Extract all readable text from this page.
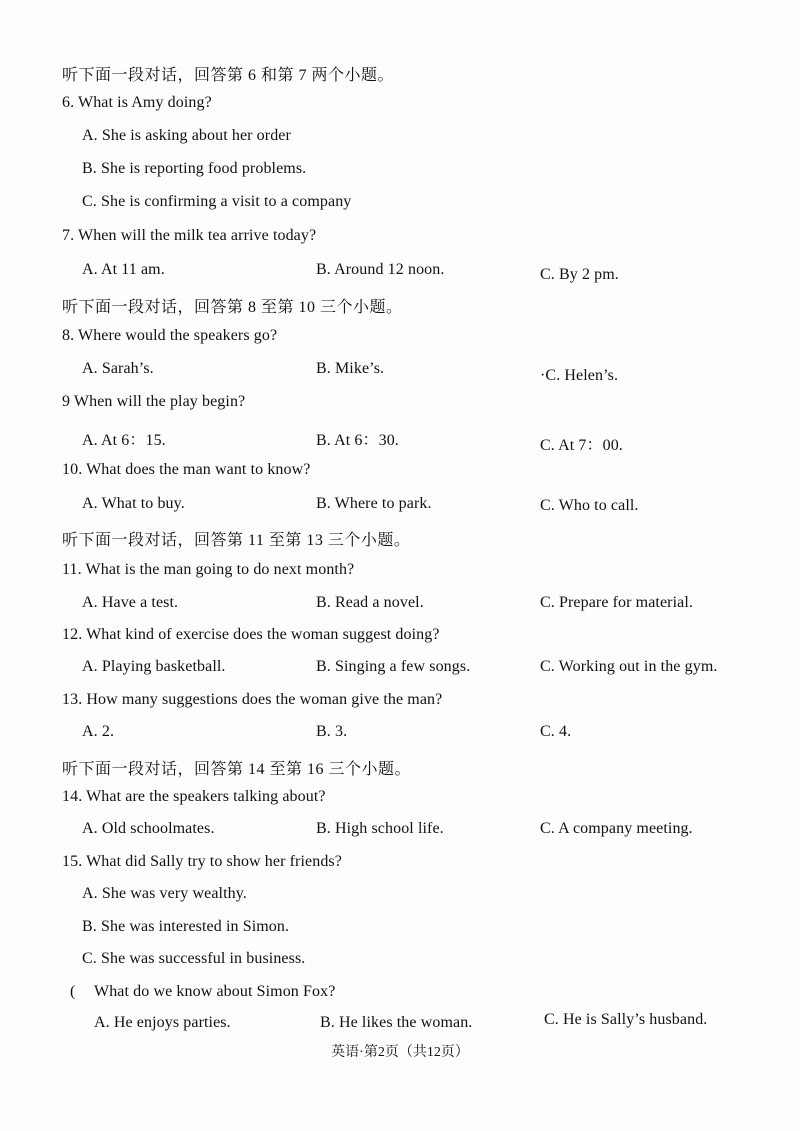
听下面一段对话，回答第 6 和第 7 两个小题。
6. What is Amy doing?
A. She is asking about her order
B. She is reporting food problems.
C. She is confirming a visit to a company
7. When will the milk tea arrive today?
A. At 11 am.	B. Around 12 noon.	C. By 2 pm.
听下面一段对话，回答第 8 至第 10 三个小题。
8. Where would the speakers go?
A. Sarah’s.	B. Mike’s.	·C. Helen’s.
9 When will the play begin?
A. At 6：15.	B. At 6：30.	C. At 7：00.
10. What does the man want to know?
A. What to buy.	B. Where to park.	C. Who to call.
听下面一段对话，回答第 11 至第 13 三个小题。
11. What is the man going to do next month?
A. Have a test.	B. Read a novel.	C. Prepare for material.
12. What kind of exercise does the woman suggest doing?
A. Playing basketball.	B. Singing a few songs.	C. Working out in the gym.
13. How many suggestions does the woman give the man?
A. 2.	B. 3.	C. 4.
听下面一段对话，回答第 14 至第 16 三个小题。
14. What are the speakers talking about?
A. Old schoolmates.	B. High school life.	C. A company meeting.
15. What did Sally try to show her friends?
A. She was very wealthy.
B. She was interested in Simon.
C. She was successful in business.
( What do we know about Simon Fox?
A. He enjoys parties.	B. He likes the woman.	C. He is Sally’s husband.
英语·第2页（共12页）
